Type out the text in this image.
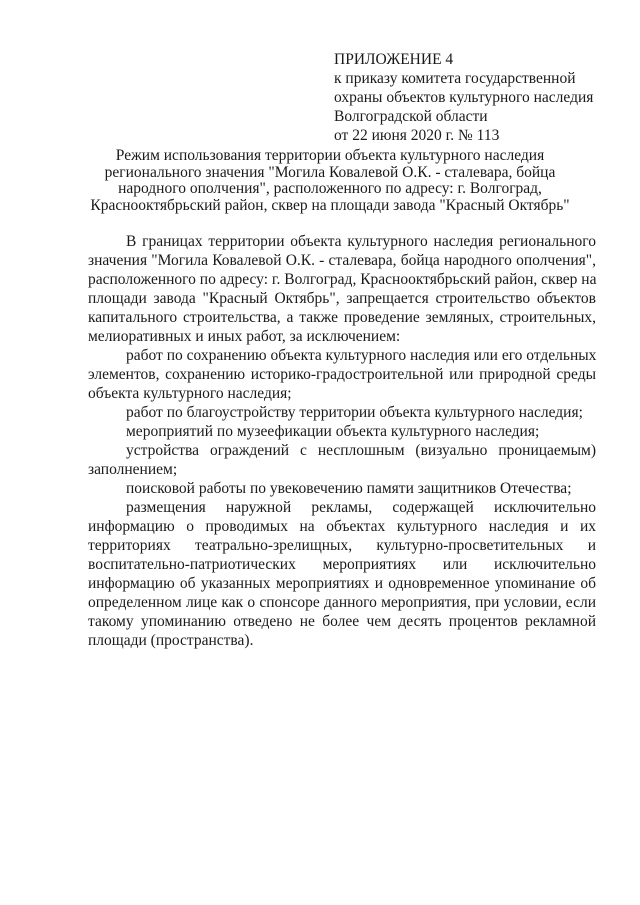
ПРИЛОЖЕНИЕ 4
к приказу комитета государственной
охраны объектов культурного наследия
Волгоградской области
от 22 июня 2020 г. № 113
Режим использования территории объекта культурного наследия
регионального значения "Могила Ковалевой О.К. - сталевара, бойца
народного ополчения", расположенного по адресу: г. Волгоград,
Краснооктябрьский район, сквер на площади завода "Красный Октябрь"
В границах территории объекта культурного наследия регионального
значения "Могила Ковалевой О.К. - сталевара, бойца народного ополчения",
расположенного по адресу: г. Волгоград, Краснооктябрьский район, сквер на
площади завода "Красный Октябрь", запрещается строительство объектов
капитального строительства, а также проведение земляных, строительных,
мелиоративных и иных работ, за исключением:
работ по сохранению объекта культурного наследия или его отдельных
элементов, сохранению историко-градостроительной или природной среды
объекта культурного наследия;
работ по благоустройству территории объекта культурного наследия;
мероприятий по музеефикации объекта культурного наследия;
устройства ограждений с несплошным (визуально проницаемым)
заполнением;
поисковой работы по увековечению памяти защитников Отечества;
размещения наружной рекламы, содержащей исключительно
информацию о проводимых на объектах культурного наследия и их
территориях театрально-зрелищных, культурно-просветительных и
воспитательно-патриотических мероприятиях или исключительно
информацию об указанных мероприятиях и одновременное упоминание об
определенном лице как о спонсоре данного мероприятия, при условии, если
такому упоминанию отведено не более чем десять процентов рекламной
площади (пространства).
